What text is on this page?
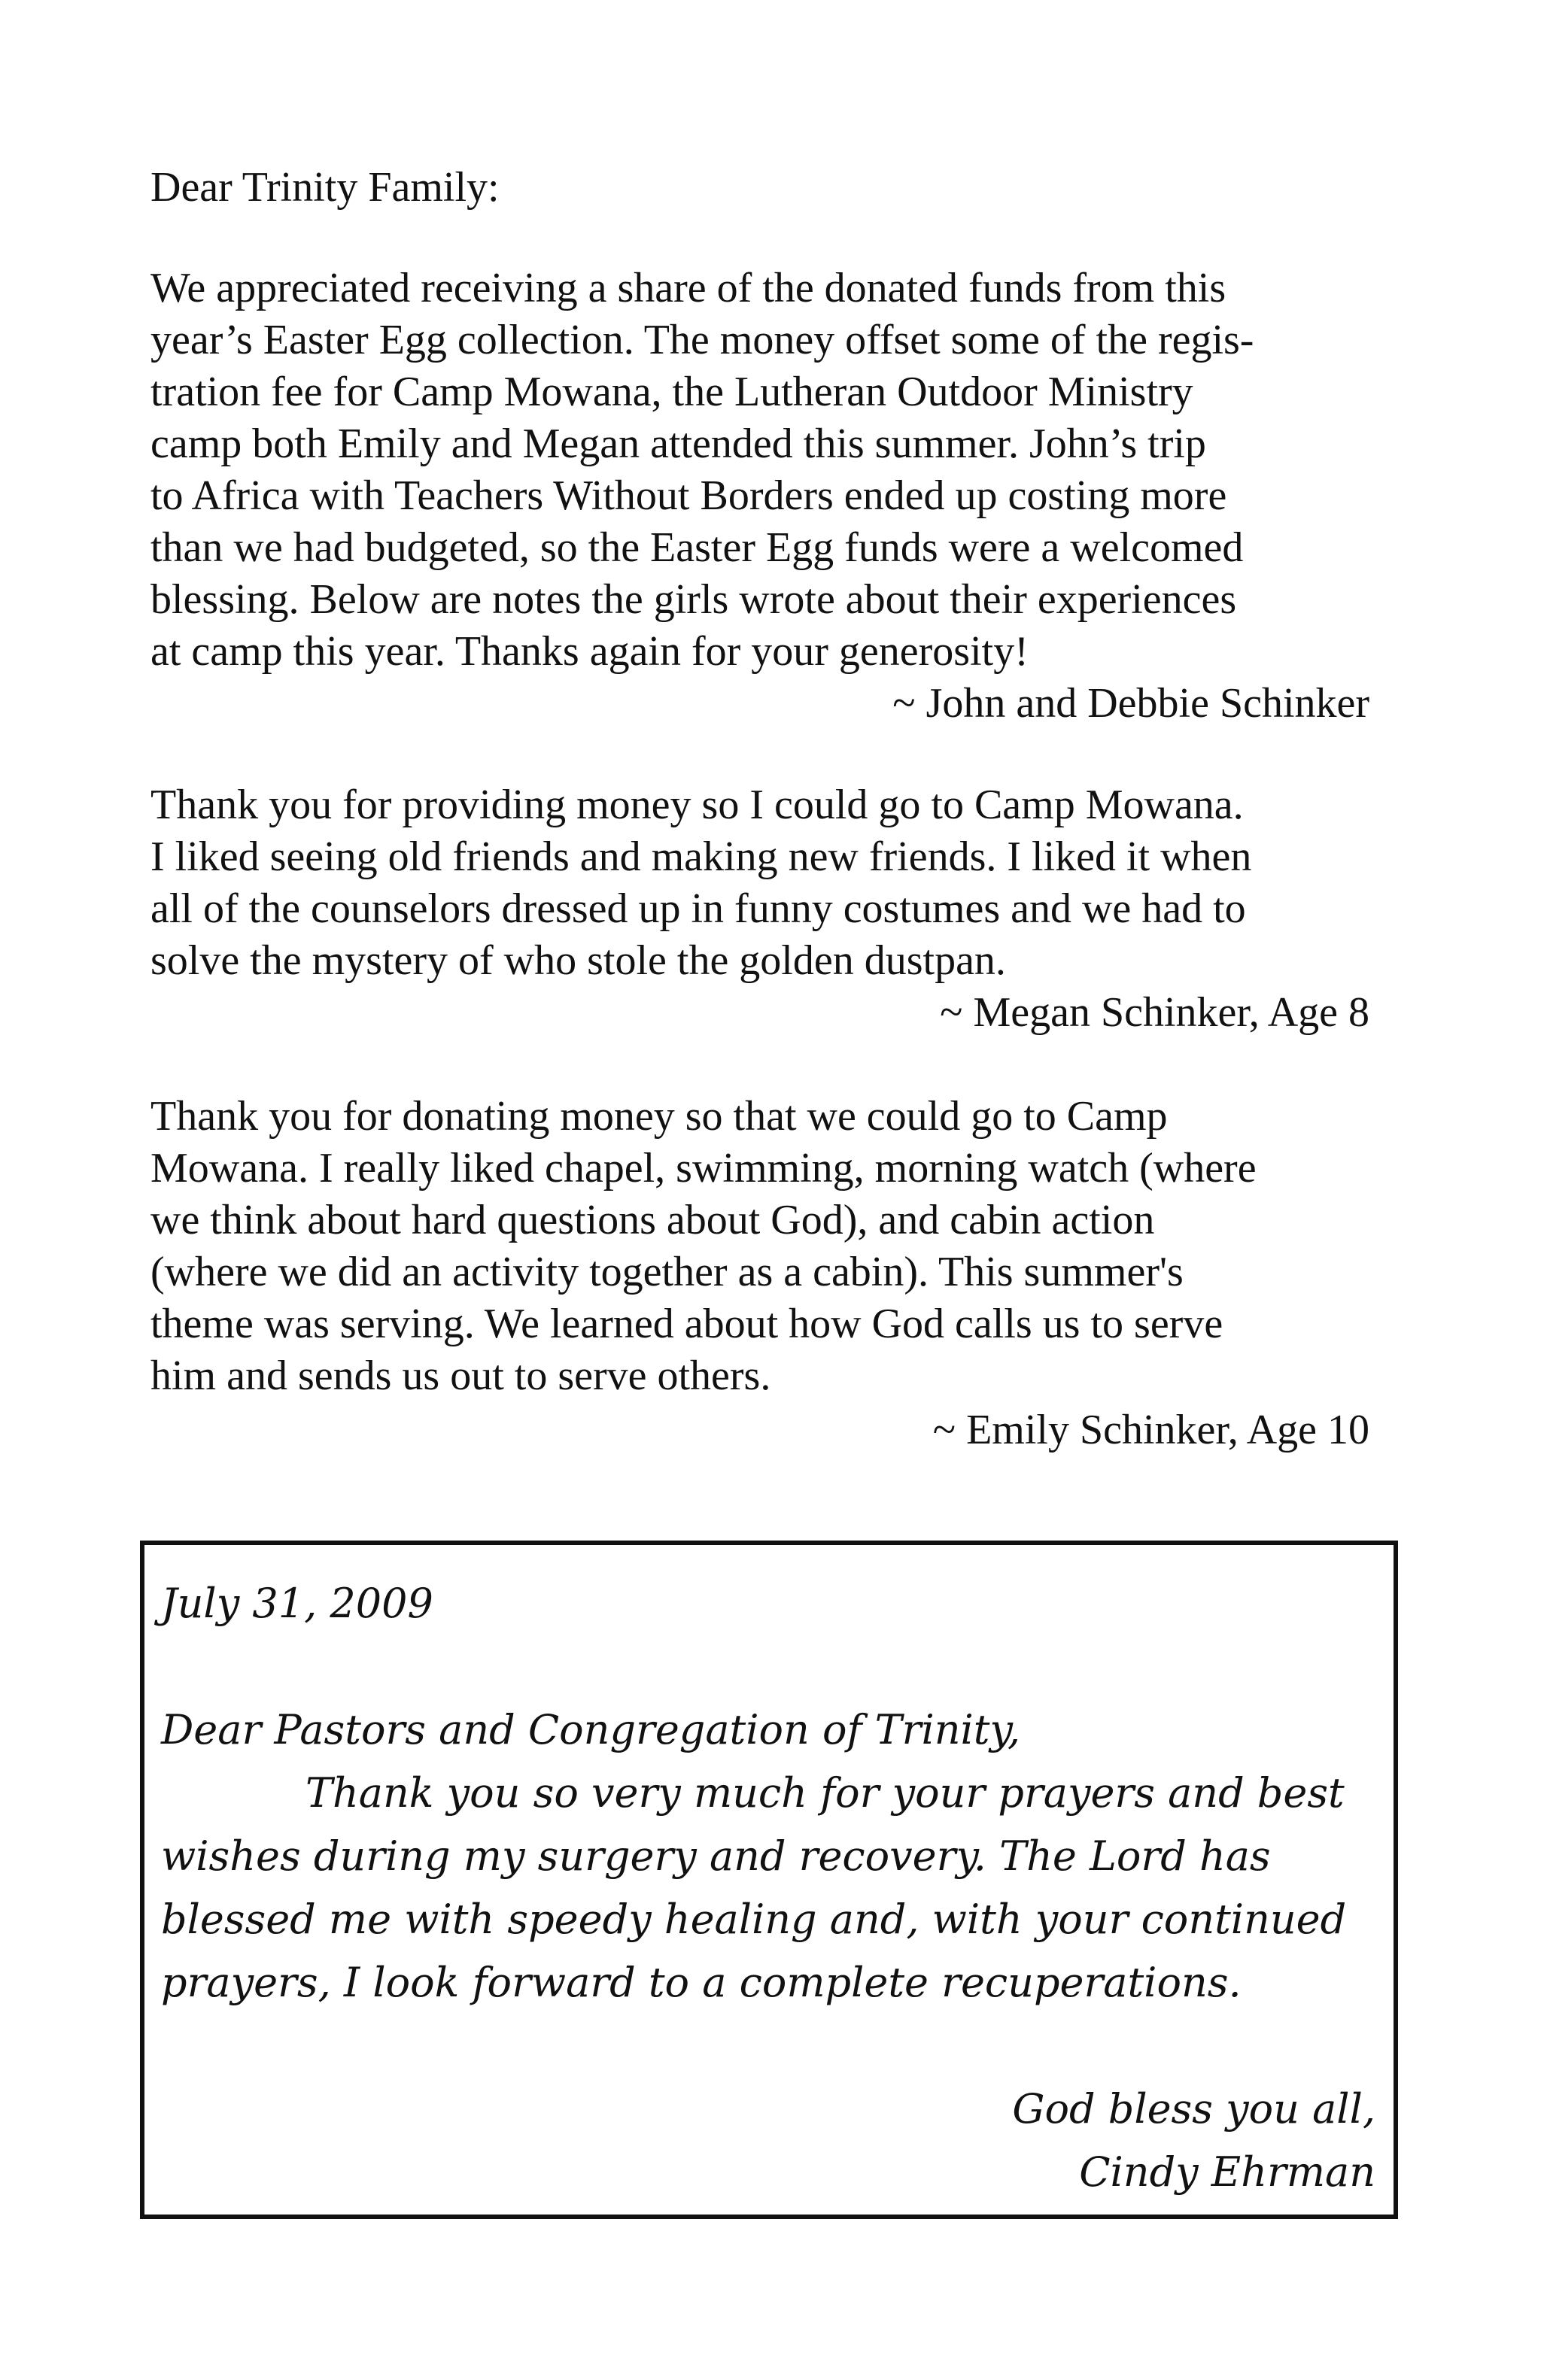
Dear Trinity Family:
We appreciated receiving a share of the donated funds from this
year’s Easter Egg collection. The money offset some of the regis-
tration fee for Camp Mowana, the Lutheran Outdoor Ministry
camp both Emily and Megan attended this summer. John’s trip
to Africa with Teachers Without Borders ended up costing more
than we had budgeted, so the Easter Egg funds were a welcomed
blessing. Below are notes the girls wrote about their experiences
at camp this year. Thanks again for your generosity!
~ John and Debbie Schinker
Thank you for providing money so I could go to Camp Mowana.
I liked seeing old friends and making new friends. I liked it when
all of the counselors dressed up in funny costumes and we had to
solve the mystery of who stole the golden dustpan.
~ Megan Schinker, Age 8
Thank you for donating money so that we could go to Camp
Mowana. I really liked chapel, swimming, morning watch (where
we think about hard questions about God), and cabin action
(where we did an activity together as a cabin). This summer's
theme was serving. We learned about how God calls us to serve
him and sends us out to serve others.
~ Emily Schinker, Age 10
July 31, 2009
Dear Pastors and Congregation of Trinity,
Thank you so very much for your prayers and best
wishes during my surgery and recovery. The Lord has
blessed me with speedy healing and, with your continued
prayers, I look forward to a complete recuperations.
God bless you all,
Cindy Ehrman
